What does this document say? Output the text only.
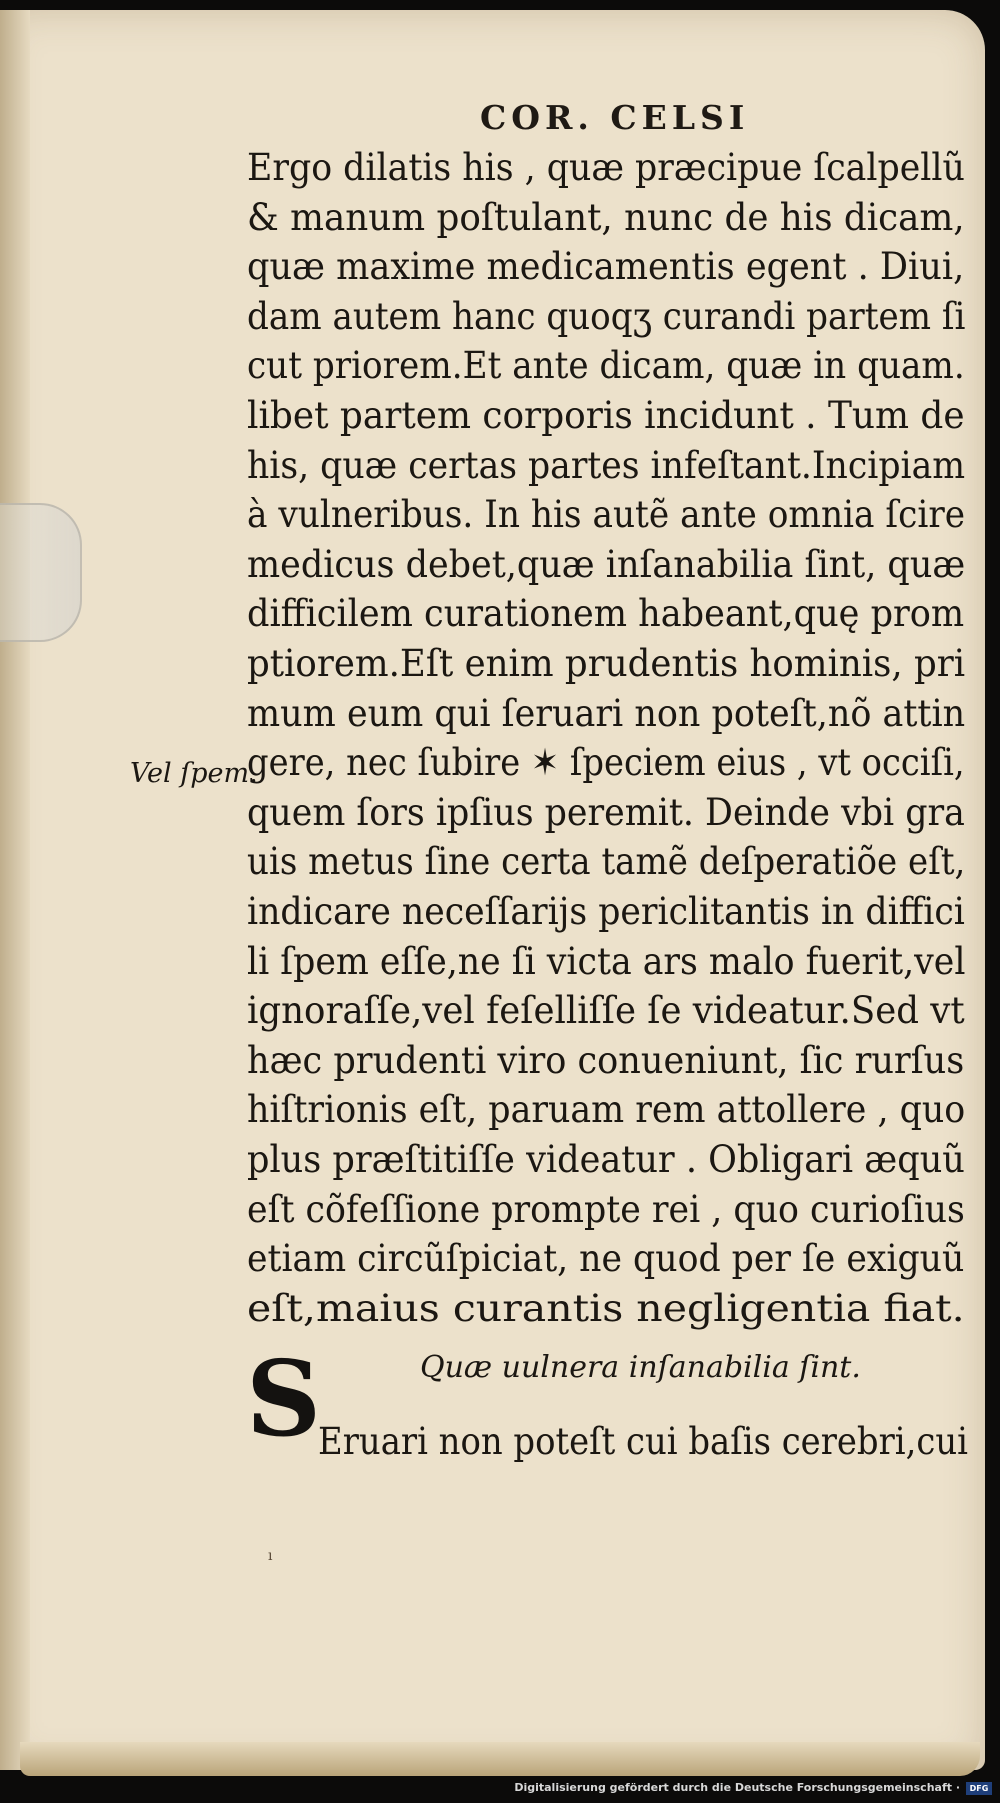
COR. CELSI
Vel ſpem.
Ergo dilatis his , quæ præcipue ſcalpellũ
& manum poſtulant, nunc de his dicam,
quæ maxime medicamentis egent . Diui,
dam autem hanc quoqʒ curandi partem ſi
cut priorem.Et ante dicam, quæ in quam.
libet partem corporis incidunt . Tum de
his, quæ certas partes infeſtant.Incipiam
à vulneribus. In his autẽ ante omnia ſcire
medicus debet,quæ inſanabilia ſint, quæ
difficilem curationem habeant,quę prom
ptiorem.Eſt enim prudentis hominis, pri
mum eum qui ſeruari non poteſt,nõ attin
gere, nec ſubire ✶ ſpeciem eius , vt occiſi,
quem ſors ipſius peremit. Deinde vbi gra
uis metus ſine certa tamẽ deſperatiõe eſt,
indicare neceſſarijs periclitantis in diffici
li ſpem eſſe,ne ſi victa ars malo fuerit,vel
ignoraſſe,vel feſelliſſe ſe videatur.Sed vt
hæc prudenti viro conueniunt, ſic rurſus
hiſtrionis eſt, paruam rem attollere , quo
plus præſtitiſſe videatur . Obligari æquũ
eſt cõfeſſione prompte rei , quo curioſius
etiam circũſpiciat, ne quod per ſe exiguũ
eſt,maius curantis negligentia fiat.
Quæ uulnera inſanabilia ſint.
S
Eruari non poteſt cui baſis cerebri,cui
ı
Digitalisierung gefördert durch die Deutsche Forschungsgemeinschaft ·	DFG
